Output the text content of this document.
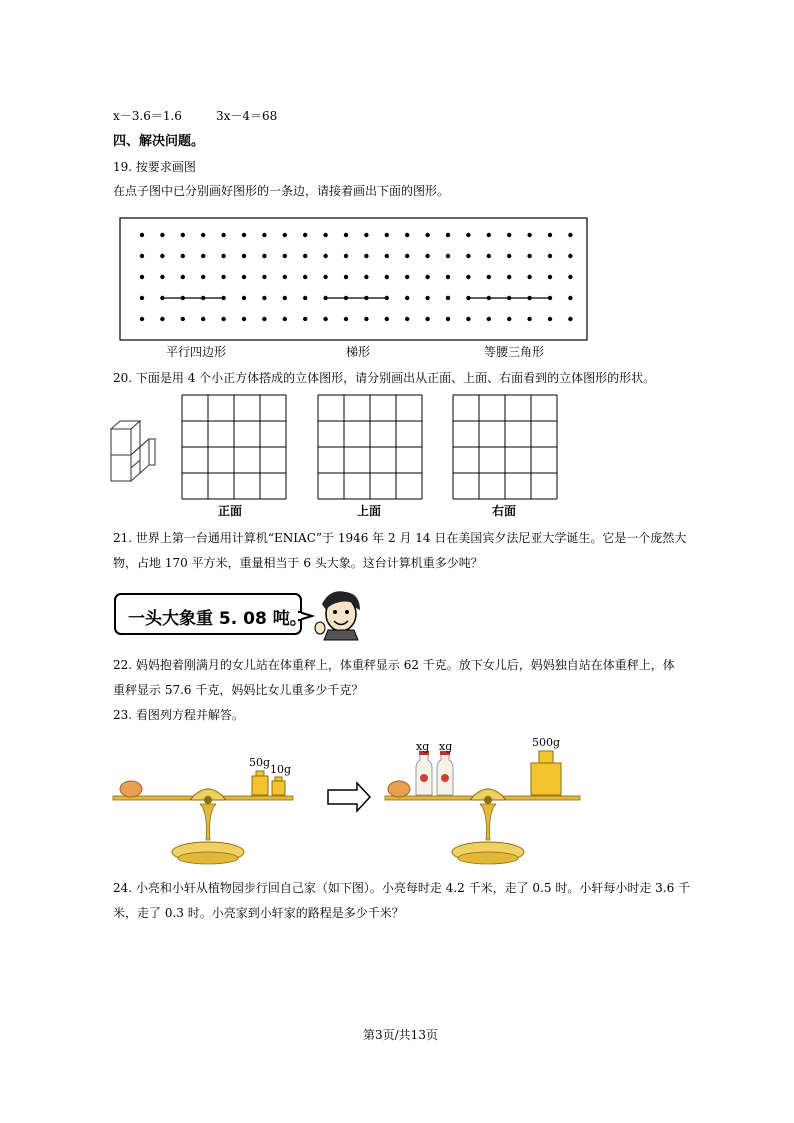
x－3.6＝1.6	3x－4＝68
四、解决问题。
19. 按要求画图
在点子图中已分别画好图形的一条边，请接着画出下面的图形。
平行四边形	梯形	等腰三角形
20. 下面是用 4 个小正方体搭成的立体图形，请分别画出从正面、上面、右面看到的立体图形的形状。
正面	上面	右面
21. 世界上第一台通用计算机“ENIAC”于 1946 年 2 月 14 日在美国宾夕法尼亚大学诞生。它是一个庞然大
物，占地 170 平方米，重量相当于 6 头大象。这台计算机重多少吨？
一头大象重 5. 08 吨。
22. 妈妈抱着刚满月的女儿站在体重秤上，体重秤显示 62 千克。放下女儿后，妈妈独自站在体重秤上，体
重秤显示 57.6 千克，妈妈比女儿重多少千克？
23. 看图列方程并解答。
50g
10g
xg xg	500g
24. 小亮和小轩从植物园步行回自己家（如下图）。小亮每时走 4.2 千米，走了 0.5 时。小轩每小时走 3.6 千
米，走了 0.3 时。小亮家到小轩家的路程是多少千米？
第3页/共13页
